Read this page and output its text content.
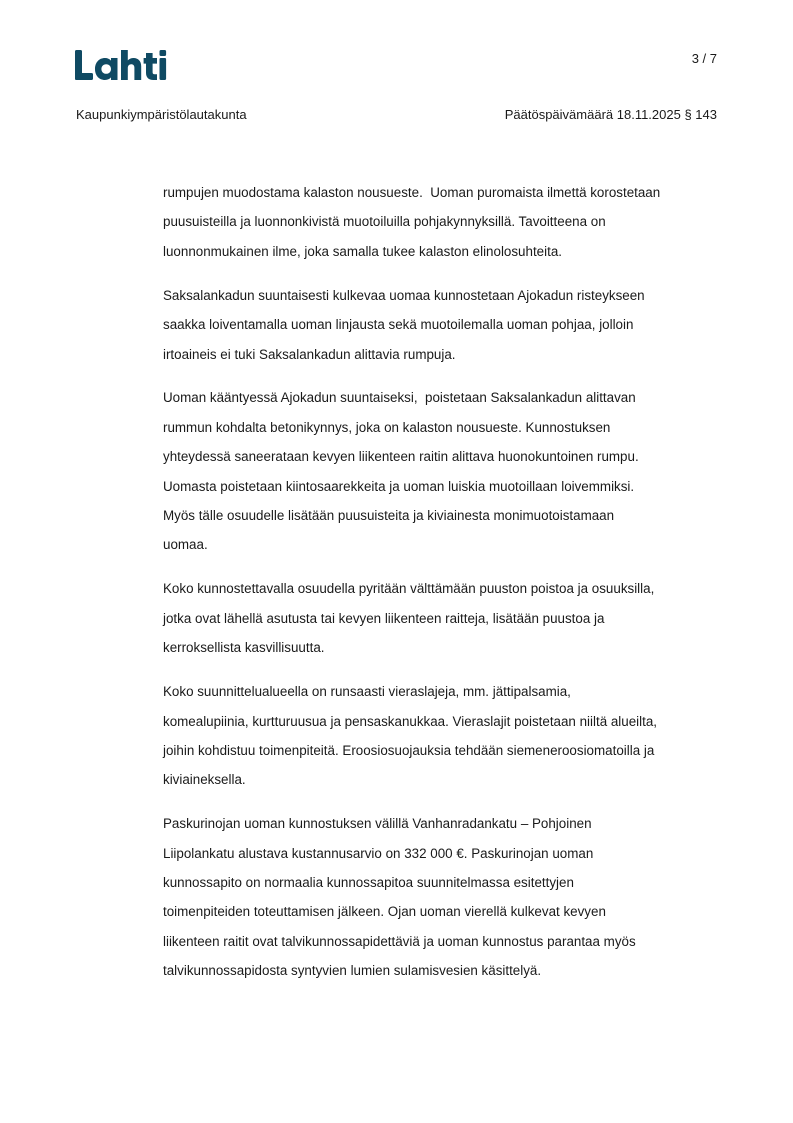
3 / 7
Kaupunkiympäristölautakunta	Päätöspäivämäärä 18.11.2025 § 143

rumpujen muodostama kalaston nousueste.  Uoman puromaista ilmettä korostetaan
puusuisteilla ja luonnonkivistä muotoiluilla pohjakynnyksillä. Tavoitteena on
luonnonmukainen ilme, joka samalla tukee kalaston elinolosuhteita.

Saksalankadun suuntaisesti kulkevaa uomaa kunnostetaan Ajokadun risteykseen
saakka loiventamalla uoman linjausta sekä muotoilemalla uoman pohjaa, jolloin
irtoaineis ei tuki Saksalankadun alittavia rumpuja.

Uoman kääntyessä Ajokadun suuntaiseksi,  poistetaan Saksalankadun alittavan
rummun kohdalta betonikynnys, joka on kalaston nousueste. Kunnostuksen
yhteydessä saneerataan kevyen liikenteen raitin alittava huonokuntoinen rumpu.
Uomasta poistetaan kiintosaarekkeita ja uoman luiskia muotoillaan loivemmiksi.
Myös tälle osuudelle lisätään puusuisteita ja kiviainesta monimuotoistamaan
uomaa.

Koko kunnostettavalla osuudella pyritään välttämään puuston poistoa ja osuuksilla,
jotka ovat lähellä asutusta tai kevyen liikenteen raitteja, lisätään puustoa ja
kerroksellista kasvillisuutta.

Koko suunnittelualueella on runsaasti vieraslajeja, mm. jättipalsamia,
komealupiinia, kurtturuusua ja pensaskanukkaa. Vieraslajit poistetaan niiltä alueilta,
joihin kohdistuu toimenpiteitä. Eroosiosuojauksia tehdään siemeneroosiomatoilla ja
kiviaineksella.

Paskurinojan uoman kunnostuksen välillä Vanhanradankatu – Pohjoinen
Liipolankatu alustava kustannusarvio on 332 000 €. Paskurinojan uoman
kunnossapito on normaalia kunnossapitoa suunnitelmassa esitettyjen
toimenpiteiden toteuttamisen jälkeen. Ojan uoman vierellä kulkevat kevyen
liikenteen raitit ovat talvikunnossapidettäviä ja uoman kunnostus parantaa myös
talvikunnossapidosta syntyvien lumien sulamisvesien käsittelyä.
